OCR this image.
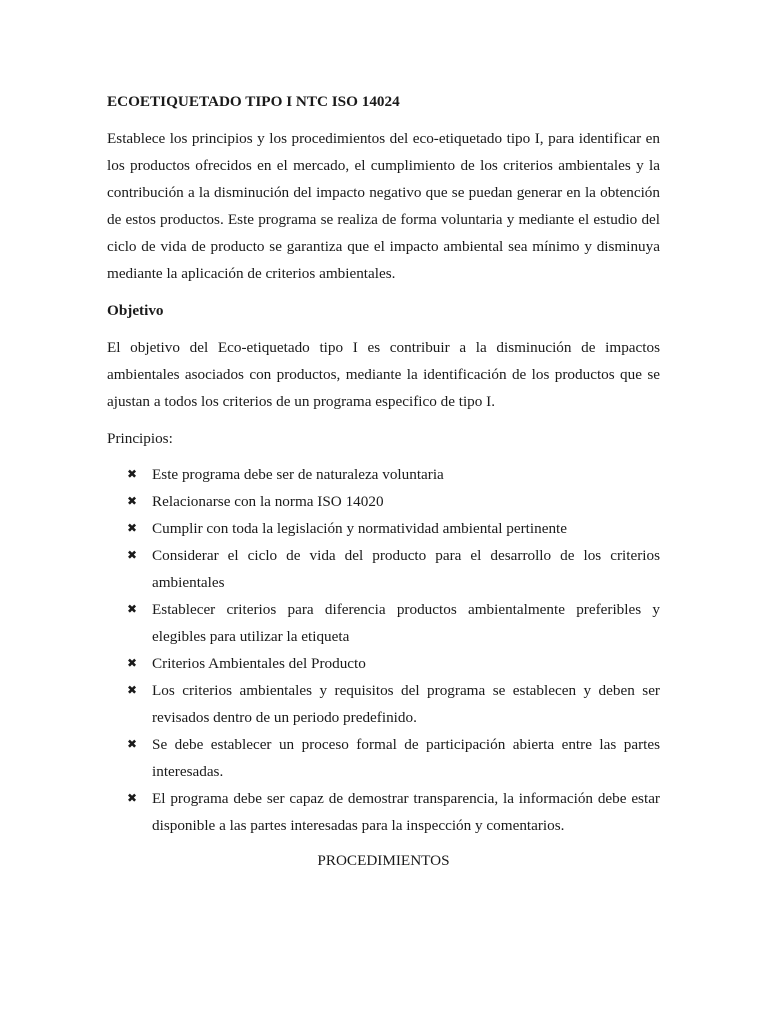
ECOETIQUETADO TIPO I NTC ISO 14024

Establece los principios y los procedimientos del eco-etiquetado tipo I, para identificar en los productos ofrecidos en el mercado, el cumplimiento de los criterios ambientales y la contribución a la disminución del impacto negativo que se puedan generar en la obtención de estos productos. Este programa se realiza de forma voluntaria y mediante el estudio del ciclo de vida de producto se garantiza que el impacto ambiental sea mínimo y disminuya mediante la aplicación de criterios ambientales.

Objetivo

El objetivo del Eco-etiquetado tipo I es contribuir a la disminución de impactos ambientales asociados con productos, mediante la identificación de los productos que se ajustan a todos los criterios de un programa especifico de tipo I.

Principios:
✖ Este programa debe ser de naturaleza voluntaria
✖ Relacionarse con la norma ISO 14020
✖ Cumplir con toda la legislación y normatividad ambiental pertinente
✖ Considerar el ciclo de vida del producto para el desarrollo de los criterios ambientales
✖ Establecer criterios para diferencia productos ambientalmente preferibles y elegibles para utilizar la etiqueta
✖ Criterios Ambientales del Producto
✖ Los criterios ambientales y requisitos del programa se establecen y deben ser revisados dentro de un periodo predefinido.
✖ Se debe establecer un proceso formal de participación abierta entre las partes interesadas.
✖ El programa debe ser capaz de demostrar transparencia, la información debe estar disponible a las partes interesadas para la inspección y comentarios.
PROCEDIMIENTOS
